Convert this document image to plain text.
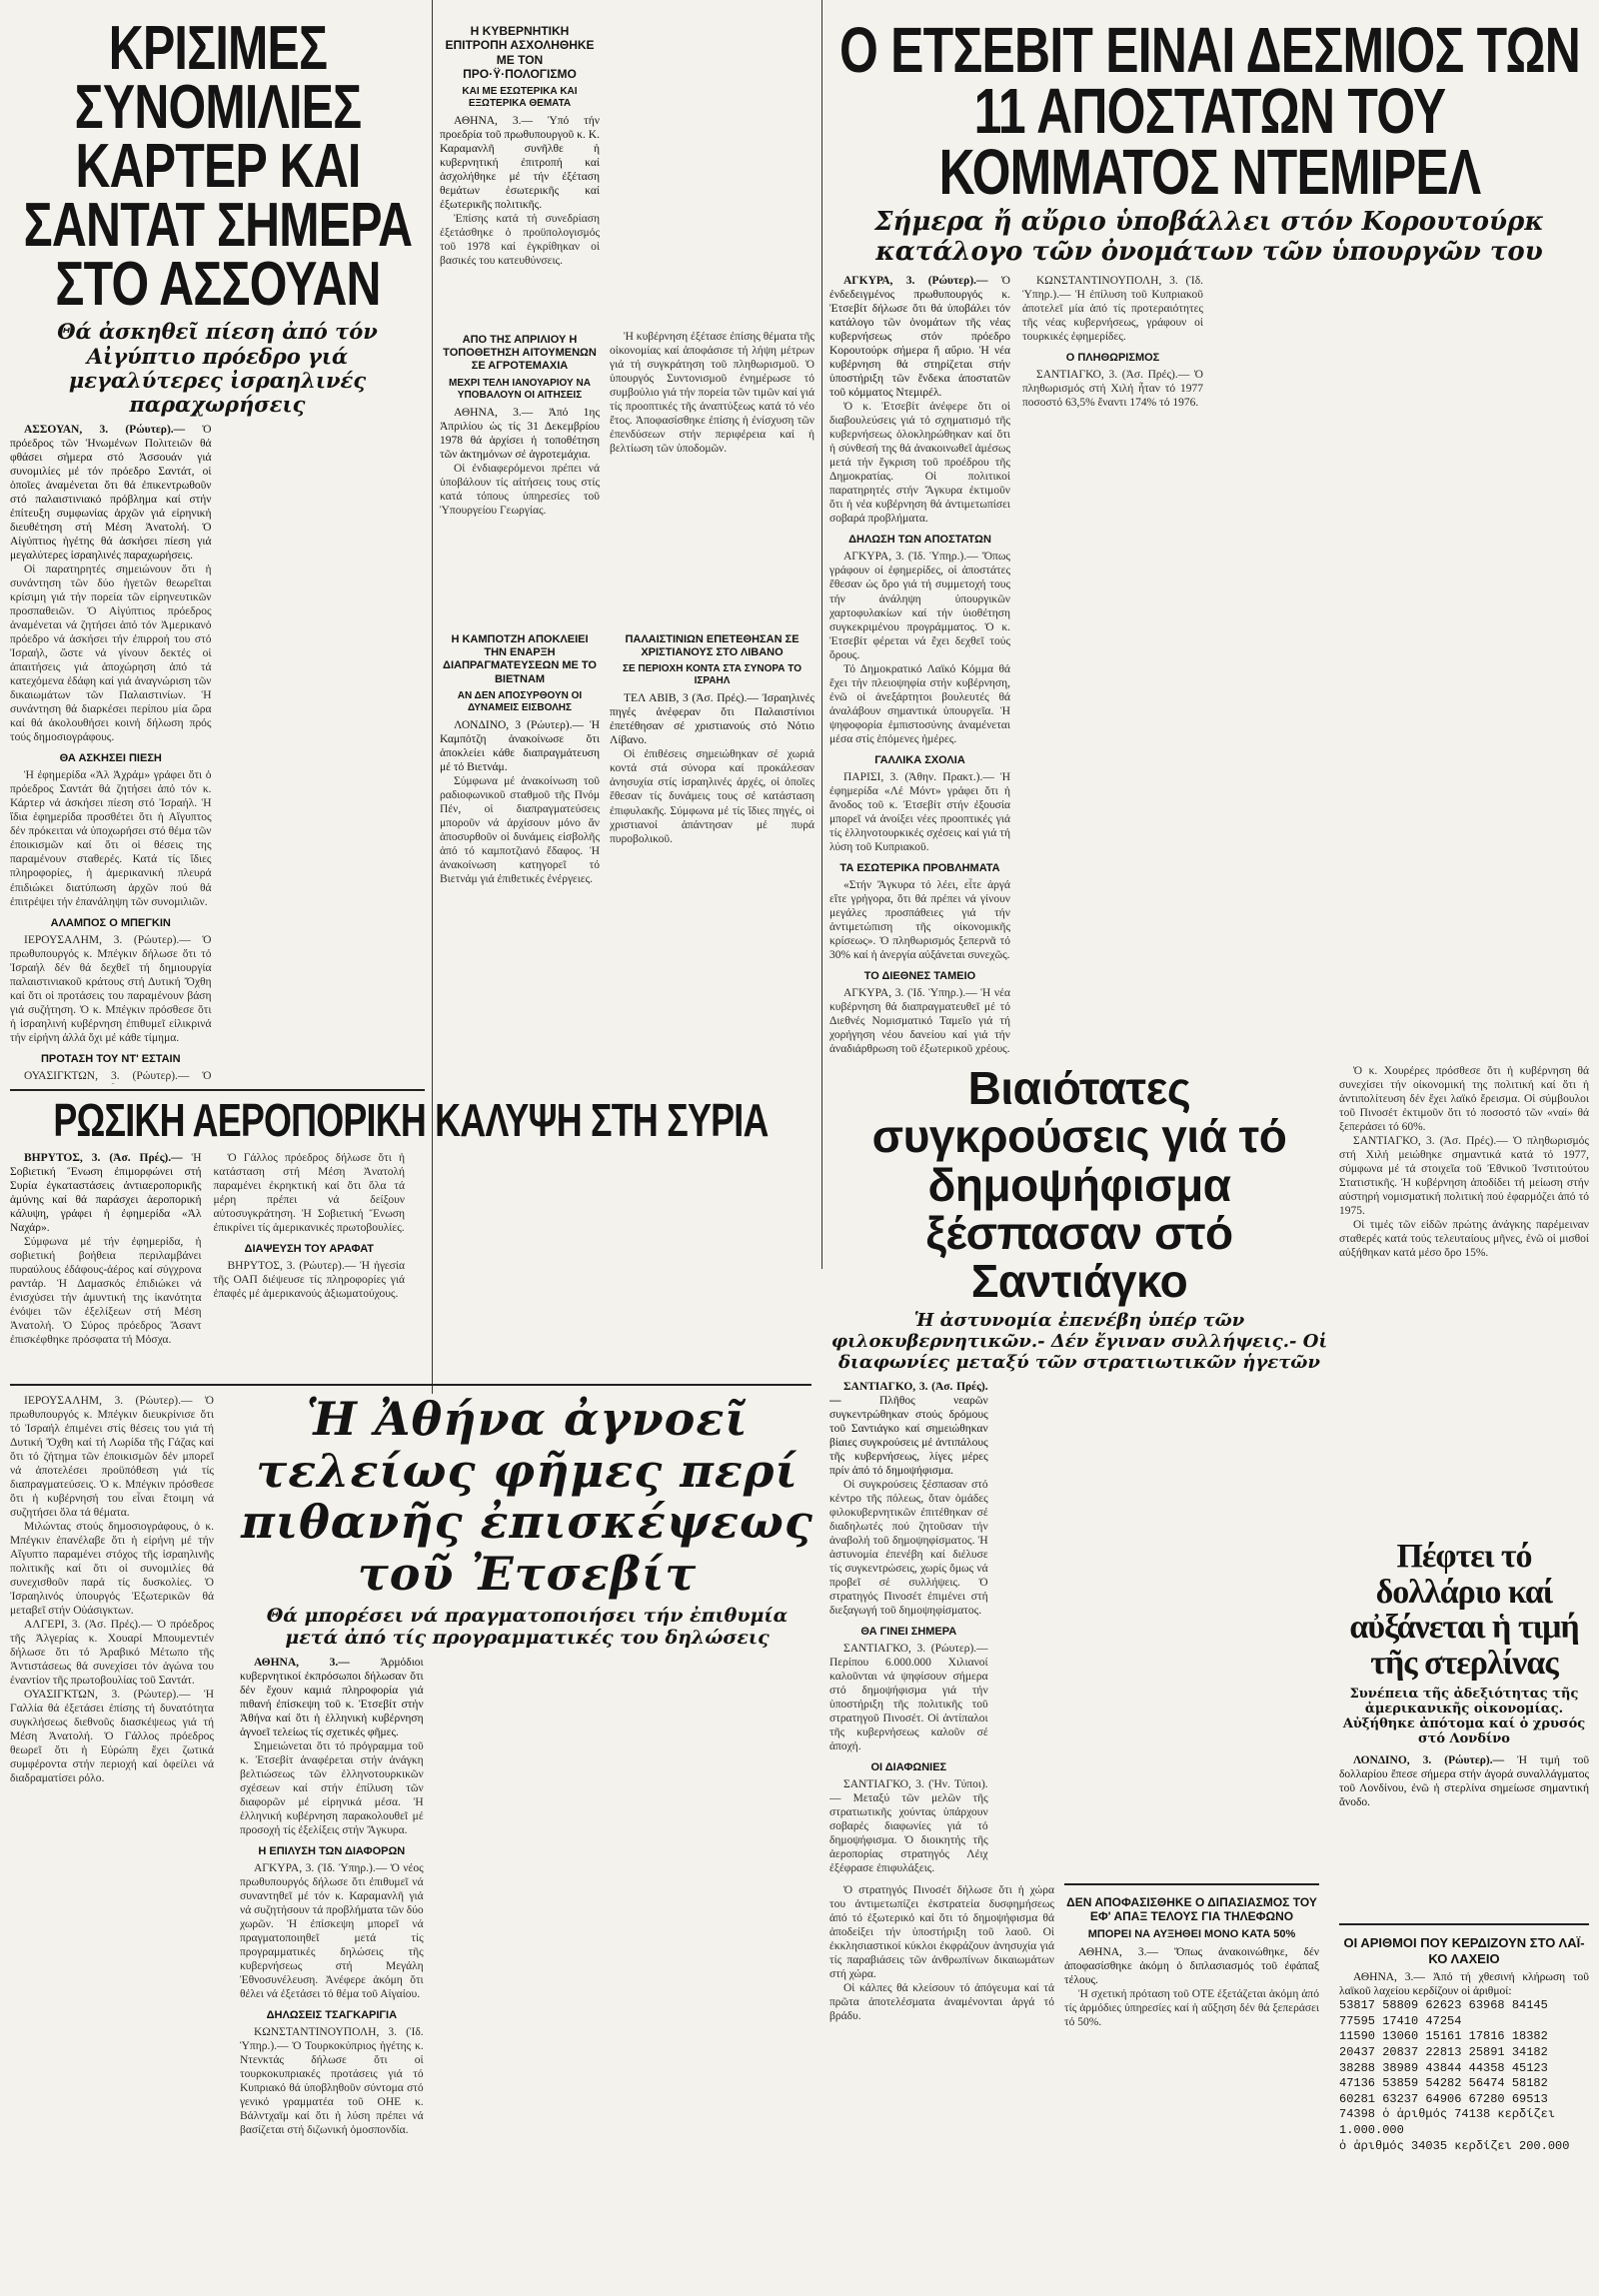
ΚΡΙΣΙΜΕΣ ΣΥΝΟΜΙΛΙΕΣ ΚΑΡΤΕΡ ΚΑΙ ΣΑΝΤΑΤ ΣΗΜΕΡΑ ΣΤΟ ΑΣΣΟΥΑΝ

Θά ἀσκηθεῖ πίεση ἀπό τόν Αἰγύπτιο πρόεδρο γιά μεγαλύτερες ἰσραηλινές παραχωρήσεις

ΑΣΣΟΥΑΝ, 3. (Ρώυτερ).— Ὁ πρόεδρος τῶν Ἡνωμένων Πολιτειῶν θά φθάσει σήμερα στό Ἀσσουάν γιά συνομιλίες μέ τόν πρόεδρο Σαντάτ, οἱ ὁποῖες ἀναμένεται ὅτι θά ἐπικεντρωθοῦν στό παλαιστινιακό πρόβλημα καί στήν ἐπίτευξη συμφωνίας ἀρχῶν γιά εἰρηνική διευθέτηση στή Μέση Ἀνατολή. Ὁ Αἰγύπτιος ἡγέτης θά ἀσκήσει πίεση γιά μεγαλύτερες ἰσραηλινές παραχωρήσεις.

Οἱ παρατηρητές σημειώνουν ὅτι ἡ συνάντηση τῶν δύο ἡγετῶν θεωρεῖται κρίσιμη γιά τήν πορεία τῶν εἰρηνευτικῶν προσπαθειῶν. Ὁ Αἰγύπτιος πρόεδρος ἀναμένεται νά ζητήσει ἀπό τόν Ἀμερικανό πρόεδρο νά ἀσκήσει τήν ἐπιρροή του στό Ἰσραήλ, ὥστε νά γίνουν δεκτές οἱ ἀπαιτήσεις γιά ἀποχώρηση ἀπό τά κατεχόμενα ἐδάφη καί γιά ἀναγνώριση τῶν δικαιωμάτων τῶν Παλαιστινίων. Ἡ συνάντηση θά διαρκέσει περίπου μία ὥρα καί θά ἀκολουθήσει κοινή δήλωση πρός τούς δημοσιογράφους.

ΘΑ ΑΣΚΗΣΕΙ ΠΙΕΣΗ

Ἡ ἐφημερίδα «Ἀλ Ἀχράμ» γράφει ὅτι ὁ πρόεδρος Σαντάτ θά ζητήσει ἀπό τόν κ. Κάρτερ νά ἀσκήσει πίεση στό Ἰσραήλ. Ἡ ἴδια ἐφημερίδα προσθέτει ὅτι ἡ Αἴγυπτος δέν πρόκειται νά ὑποχωρήσει στό θέμα τῶν ἐποικισμῶν καί ὅτι οἱ θέσεις της παραμένουν σταθερές. Κατά τίς ἴδιες πληροφορίες, ἡ ἀμερικανική πλευρά ἐπιδιώκει διατύπωση ἀρχῶν πού θά ἐπιτρέψει τήν ἐπανάληψη τῶν συνομιλιῶν.

ΑΛΑΜΠΟΣ Ο ΜΠΕΓΚΙΝ

ΙΕΡΟΥΣΑΛΗΜ, 3. (Ρώυτερ).— Ὁ πρωθυπουργός κ. Μπέγκιν δήλωσε ὅτι τό Ἰσραήλ δέν θά δεχθεῖ τή δημιουργία παλαιστινιακοῦ κράτους στή Δυτική Ὄχθη καί ὅτι οἱ προτάσεις του παραμένουν βάση γιά συζήτηση. Ὁ κ. Μπέγκιν πρόσθεσε ὅτι ἡ ἰσραηλινή κυβέρνηση ἐπιθυμεῖ εἰλικρινά τήν εἰρήνη ἀλλά ὄχι μέ κάθε τίμημα.

ΠΡΟΤΑΣΗ ΤΟΥ ΝΤ' ΕΣΤΑΙΝ

ΟΥΑΣΙΓΚΤΩΝ, 3. (Ρώυτερ).— Ὁ

Η ΚΥΒΕΡΝΗΤΙΚΗ ΕΠΙΤΡΟΠΗ ΑΣΧΟΛΗΘΗΚΕ ΜΕ ΤΟΝ ΠΡΟ·Ϋ·ΠΟΛΟΓΙΣΜΟ

ΚΑΙ ΜΕ ΕΣΩΤΕΡΙΚΑ ΚΑΙ ΕΞΩΤΕΡΙΚΑ ΘΕΜΑΤΑ

ΑΘΗΝΑ, 3.— Ὑπό τήν προεδρία τοῦ πρωθυπουργοῦ κ. Κ. Καραμανλῆ συνῆλθε ἡ κυβερνητική ἐπιτροπή καί ἀσχολήθηκε μέ τήν ἐξέταση θεμάτων ἐσωτερικῆς καί ἐξωτερικῆς πολιτικῆς.

Ἐπίσης κατά τή συνεδρίαση ἐξετάσθηκε ὁ προϋπολογισμός τοῦ 1978 καί ἐγκρίθηκαν οἱ βασικές του κατευθύνσεις.

ΑΠΟ ΤΗΣ ΑΠΡΙΛΙΟΥ Η ΤΟΠΟΘΕΤΗΣΗ ΑΙΤΟΥΜΕΝΩΝ ΣΕ ΑΓΡΟΤΕΜΑΧΙΑ

ΜΕΧΡΙ ΤΕΛΗ ΙΑΝΟΥΑΡΙΟΥ ΝΑ ΥΠΟΒΑΛΟΥΝ ΟΙ ΑΙΤΗΣΕΙΣ

ΑΘΗΝΑ, 3.— Ἀπό 1ης Ἀπριλίου ὡς τίς 31 Δεκεμβρίου 1978 θά ἀρχίσει ἡ τοποθέτηση τῶν ἀκτημόνων σέ ἀγροτεμάχια.

Οἱ ἐνδιαφερόμενοι πρέπει νά ὑποβάλουν τίς αἰτήσεις τους στίς κατά τόπους ὑπηρεσίες τοῦ Ὑπουργείου Γεωργίας.

Η ΚΑΜΠΟΤΖΗ ΑΠΟΚΛΕΙΕΙ ΤΗΝ ΕΝΑΡΞΗ ΔΙΑΠΡΑΓΜΑΤΕΥΣΕΩΝ ΜΕ ΤΟ ΒΙΕΤΝΑΜ

ΑΝ ΔΕΝ ΑΠΟΣΥΡΘΟΥΝ ΟΙ ΔΥΝΑΜΕΙΣ ΕΙΣΒΟΛΗΣ

ΛΟΝΔΙΝΟ, 3 (Ρώυτερ).— Ἡ Καμπότζη ἀνακοίνωσε ὅτι ἀποκλείει κάθε διαπραγμάτευση μέ τό Βιετνάμ.

Σύμφωνα μέ ἀνακοίνωση τοῦ ραδιοφωνικοῦ σταθμοῦ τῆς Πνόμ Πέν, οἱ διαπραγματεύσεις μποροῦν νά ἀρχίσουν μόνο ἄν ἀποσυρθοῦν οἱ δυνάμεις εἰσβολῆς ἀπό τό καμποτζιανό ἔδαφος. Ἡ ἀνακοίνωση κατηγορεῖ τό Βιετνάμ γιά ἐπιθετικές ἐνέργειες.

ΠΑΛΑΙΣΤΙΝΙΩΝ ΕΠΕΤΕΘΗΣΑΝ ΣΕ ΧΡΙΣΤΙΑΝΟΥΣ ΣΤΟ ΛΙΒΑΝΟ

ΣΕ ΠΕΡΙΟΧΗ ΚΟΝΤΑ ΣΤΑ ΣΥΝΟΡΑ ΤΟ ΙΣΡΑΗΛ

ΤΕΛ ΑΒΙΒ, 3 (Ἀσ. Πρές).— Ἰσραηλινές πηγές ἀνέφεραν ὅτι Παλαιστίνιοι ἐπετέθησαν σέ χριστιανούς στό Νότιο Λίβανο.

Οἱ ἐπιθέσεις σημειώθηκαν σέ χωριά κοντά στά σύνορα καί προκάλεσαν ἀνησυχία στίς ἰσραηλινές ἀρχές, οἱ ὁποῖες ἔθεσαν τίς δυνάμεις τους σέ κατάσταση ἐπιφυλακῆς. Σύμφωνα μέ τίς ἴδιες πηγές, οἱ χριστιανοί ἀπάντησαν μέ πυρά πυροβολικοῦ.

Ἡ κυβέρνηση ἐξέτασε ἐπίσης θέματα τῆς οἰκονομίας καί ἀποφάσισε τή λήψη μέτρων γιά τή συγκράτηση τοῦ πληθωρισμοῦ. Ὁ ὑπουργός Συντονισμοῦ ἐνημέρωσε τό συμβούλιο γιά τήν πορεία τῶν τιμῶν καί γιά τίς προοπτικές τῆς ἀναπτύξεως κατά τό νέο ἔτος. Ἀποφασίσθηκε ἐπίσης ἡ ἐνίσχυση τῶν ἐπενδύσεων στήν περιφέρεια καί ἡ βελτίωση τῶν ὑποδομῶν.

Ο ΕΤΣΕΒΙΤ ΕΙΝΑΙ ΔΕΣΜΙΟΣ ΤΩΝ 11 ΑΠΟΣΤΑΤΩΝ ΤΟΥ ΚΟΜΜΑΤΟΣ ΝΤΕΜΙΡΕΛ

Σήμερα ἤ αὔριο ὑποβάλλει στόν Κορουτούρκ κατάλογο τῶν ὀνομάτων τῶν ὑπουργῶν του

ΑΓΚΥΡΑ, 3. (Ρώυτερ).— Ὁ ἐνδεδειγμένος πρωθυπουργός κ. Ἐτσεβίτ δήλωσε ὅτι θά ὑποβάλει τόν κατάλογο τῶν ὀνομάτων τῆς νέας κυβερνήσεως στόν πρόεδρο Κορουτούρκ σήμερα ἤ αὔριο. Ἡ νέα κυβέρνηση θά στηρίζεται στήν ὑποστήριξη τῶν ἕνδεκα ἀποστατῶν τοῦ κόμματος Ντεμιρέλ.

Ὁ κ. Ἐτσεβίτ ἀνέφερε ὅτι οἱ διαβουλεύσεις γιά τό σχηματισμό τῆς κυβερνήσεως ὁλοκληρώθηκαν καί ὅτι ἡ σύνθεσή της θά ἀνακοινωθεῖ ἀμέσως μετά τήν ἔγκριση τοῦ προέδρου τῆς Δημοκρατίας. Οἱ πολιτικοί παρατηρητές στήν Ἄγκυρα ἐκτιμοῦν ὅτι ἡ νέα κυβέρνηση θά ἀντιμετωπίσει σοβαρά προβλήματα.

ΔΗΛΩΣΗ ΤΩΝ ΑΠΟΣΤΑΤΩΝ

ΑΓΚΥΡΑ, 3. (Ἰδ. Ὑπηρ.).— Ὅπως γράφουν οἱ ἐφημερίδες, οἱ ἀποστάτες ἔθεσαν ὡς ὅρο γιά τή συμμετοχή τους τήν ἀνάληψη ὑπουργικῶν χαρτοφυλακίων καί τήν ὑιοθέτηση συγκεκριμένου προγράμματος. Ὁ κ. Ἐτσεβίτ φέρεται νά ἔχει δεχθεῖ τούς ὅρους.

Τό Δημοκρατικό Λαϊκό Κόμμα θά ἔχει τήν πλειοψηφία στήν κυβέρνηση, ἐνῶ οἱ ἀνεξάρτητοι βουλευτές θά ἀναλάβουν σημαντικά ὑπουργεῖα. Ἡ ψηφοφορία ἐμπιστοσύνης ἀναμένεται μέσα στίς ἑπόμενες ἡμέρες.

ΓΑΛΛΙΚΑ ΣΧΟΛΙΑ

ΠΑΡΙΣΙ, 3. (Ἀθην. Πρακτ.).— Ἡ ἐφημερίδα «Λέ Μόντ» γράφει ὅτι ἡ ἄνοδος τοῦ κ. Ἐτσεβίτ στήν ἐξουσία μπορεῖ νά ἀνοίξει νέες προοπτικές γιά τίς ἑλληνοτουρκικές σχέσεις καί γιά τή λύση τοῦ Κυπριακοῦ.

ΤΑ ΕΣΩΤΕΡΙΚΑ ΠΡΟΒΛΗΜΑΤΑ

«Στήν Ἄγκυρα τό λέει, εἶτε ἀργά εἴτε γρήγορα, ὅτι θά πρέπει νά γίνουν μεγάλες προσπάθειες γιά τήν ἀντιμετώπιση τῆς οἰκονομικῆς κρίσεως». Ὁ πληθωρισμός ξεπερνᾶ τό 30% καί ἡ ἀνεργία αὐξάνεται συνεχῶς.

ΤΟ ΔΙΕΘΝΕΣ ΤΑΜΕΙΟ

ΑΓΚΥΡΑ, 3. (Ἰδ. Ὑπηρ.).— Ἡ νέα κυβέρνηση θά διαπραγματευθεῖ μέ τό Διεθνές Νομισματικό Ταμεῖο γιά τή χορήγηση νέου δανείου καί γιά τήν ἀναδιάρθρωση τοῦ ἐξωτερικοῦ χρέους.

ΚΩΝΣΤΑΝΤΙΝΟΥΠΟΛΗ, 3. (Ἰδ. Ὑπηρ.).— Ἡ ἐπίλυση τοῦ Κυπριακοῦ ἀποτελεῖ μία ἀπό τίς προτεραιότητες τῆς νέας κυβερνήσεως, γράφουν οἱ τουρκικές ἐφημερίδες.

Ο ΠΛΗΘΩΡΙΣΜΟΣ

ΣΑΝΤΙΑΓΚΟ, 3. (Ἀσ. Πρές).— Ὁ πληθωρισμός στή Χιλή ἦταν τό 1977 ποσοστό 63,5% ἔναντι 174% τό 1976.

ΡΩΣΙΚΗ ΑΕΡΟΠΟΡΙΚΗ ΚΑΛΥΨΗ ΣΤΗ ΣΥΡΙΑ

ΒΗΡΥΤΟΣ, 3. (Ἀσ. Πρές).— Ἡ Σοβιετική Ἕνωση ἐπιμορφώνει στή Συρία ἐγκαταστάσεις ἀντιαεροπορικῆς ἀμύνης καί θά παράσχει ἀεροπορική κάλυψη, γράφει ἡ ἐφημερίδα «Ἀλ Ναχάρ».

Σύμφωνα μέ τήν ἐφημερίδα, ἡ σοβιετική βοήθεια περιλαμβάνει πυραύλους ἐδάφους-ἀέρος καί σύγχρονα ραντάρ. Ἡ Δαμασκός ἐπιδιώκει νά ἐνισχύσει τήν ἀμυντική της ἱκανότητα ἐνόψει τῶν ἐξελίξεων στή Μέση Ἀνατολή. Ὁ Σύρος πρόεδρος Ἄσαντ ἐπισκέφθηκε πρόσφατα τή Μόσχα.

Ὁ Γάλλος πρόεδρος δήλωσε ὅτι ἡ κατάσταση στή Μέση Ἀνατολή παραμένει ἐκρηκτική καί ὅτι ὅλα τά μέρη πρέπει νά δείξουν αὐτοσυγκράτηση. Ἡ Σοβιετική Ἕνωση ἐπικρίνει τίς ἀμερικανικές πρωτοβουλίες.

ΔΙΑΨΕΥΣΗ ΤΟΥ ΑΡΑΦΑΤ

ΒΗΡΥΤΟΣ, 3. (Ρώυτερ).— Ἡ ἡγεσία τῆς ΟΑΠ διέψευσε τίς πληροφορίες γιά ἐπαφές μέ ἀμερικανούς ἀξιωματούχους.

ΙΕΡΟΥΣΑΛΗΜ, 3. (Ρώυτερ).— Ὁ πρωθυπουργός κ. Μπέγκιν διευκρίνισε ὅτι τό Ἰσραήλ ἐπιμένει στίς θέσεις του γιά τή Δυτική Ὄχθη καί τή Λωρίδα τῆς Γάζας καί ὅτι τό ζήτημα τῶν ἐποικισμῶν δέν μπορεῖ νά ἀποτελέσει προϋπόθεση γιά τίς διαπραγματεύσεις. Ὁ κ. Μπέγκιν πρόσθεσε ὅτι ἡ κυβέρνησή του εἶναι ἕτοιμη νά συζητήσει ὅλα τά θέματα.

Μιλώντας στούς δημοσιογράφους, ὁ κ. Μπέγκιν ἐπανέλαβε ὅτι ἡ εἰρήνη μέ τήν Αἴγυπτο παραμένει στόχος τῆς ἰσραηλινῆς πολιτικῆς καί ὅτι οἱ συνομιλίες θά συνεχισθοῦν παρά τίς δυσκολίες. Ὁ Ἰσραηλινός ὑπουργός Ἐξωτερικῶν θά μεταβεῖ στήν Οὐάσιγκτων.

ΑΛΓΕΡΙ, 3. (Ἀσ. Πρές).— Ὁ πρόεδρος τῆς Ἀλγερίας κ. Χουαρί Μπουμεντιέν δήλωσε ὅτι τό Ἀραβικό Μέτωπο τῆς Ἀντιστάσεως θά συνεχίσει τόν ἀγώνα του ἐναντίον τῆς πρωτοβουλίας τοῦ Σαντάτ.

ΟΥΑΣΙΓΚΤΩΝ, 3. (Ρώυτερ).— Ἡ Γαλλία θά ἐξετάσει ἐπίσης τή δυνατότητα συγκλήσεως διεθνοῦς διασκέψεως γιά τή Μέση Ἀνατολή. Ὁ Γάλλος πρόεδρος θεωρεῖ ὅτι ἡ Εὐρώπη ἔχει ζωτικά συμφέροντα στήν περιοχή καί ὀφείλει νά διαδραματίσει ρόλο.

Ἡ Ἀθήνα ἀγνοεῖ τελείως φῆμες περί πιθανῆς ἐπισκέψεως τοῦ Ἐτσεβίτ

Θά μπορέσει νά πραγματοποιήσει τήν ἐπιθυμία μετά ἀπό τίς προγραμματικές του δηλώσεις

ΑΘΗΝΑ, 3.—	Ἁρμόδιοι κυβερνητικοί ἐκπρόσωποι δήλωσαν ὅτι δέν ἔχουν καμιά πληροφορία γιά πιθανή ἐπίσκεψη τοῦ κ. Ἐτσεβίτ στήν Ἀθήνα καί ὅτι ἡ ἑλληνική κυβέρνηση ἀγνοεῖ τελείως τίς σχετικές φῆμες.

Σημειώνεται ὅτι τό πρόγραμμα τοῦ κ. Ἐτσεβίτ ἀναφέρεται στήν ἀνάγκη βελτιώσεως τῶν ἑλληνοτουρκικῶν σχέσεων καί στήν ἐπίλυση τῶν διαφορῶν μέ εἰρηνικά μέσα. Ἡ ἑλληνική κυβέρνηση παρακολουθεῖ μέ προσοχή τίς ἐξελίξεις στήν Ἄγκυρα.

Η ΕΠΙΛΥΣΗ ΤΩΝ ΔΙΑΦΟΡΩΝ

ΑΓΚΥΡΑ, 3. (Ἰδ. Ὑπηρ.).— Ὁ νέος πρωθυπουργός δήλωσε ὅτι ἐπιθυμεῖ νά συναντηθεῖ μέ τόν κ. Καραμανλῆ γιά νά συζητήσουν τά προβλήματα τῶν δύο χωρῶν. Ἡ ἐπίσκεψη μπορεῖ νά πραγματοποιηθεῖ μετά τίς προγραμματικές δηλώσεις τῆς κυβερνήσεως στή Μεγάλη Ἐθνοσυνέλευση. Ἀνέφερε ἀκόμη ὅτι θέλει νά ἐξετάσει τό θέμα τοῦ Αἰγαίου.

ΔΗΛΩΣΕΙΣ ΤΣΑΓΚΑΡΙΓΙΑ

ΚΩΝΣΤΑΝΤΙΝΟΥΠΟΛΗ, 3. (Ἰδ. Ὑπηρ.).— Ὁ Τουρκοκύπριος ἡγέτης κ. Ντενκτάς δήλωσε ὅτι οἱ τουρκοκυπριακές προτάσεις γιά τό Κυπριακό θά ὑποβληθοῦν σύντομα στό γενικό γραμματέα τοῦ ΟΗΕ κ. Βάλντχαϊμ καί ὅτι ἡ λύση πρέπει νά βασίζεται στή διζωνική ὁμοσπονδία.

Βιαιότατες συγκρούσεις γιά τό δημοψήφισμα ξέσπασαν στό Σαντιάγκο

Ἡ ἀστυνομία ἐπενέβη ὑπέρ τῶν φιλοκυβερνητικῶν.- Δέν ἔγιναν συλλήψεις.- Οἱ διαφωνίες μεταξύ τῶν στρατιωτικῶν ἡγετῶν

ΣΑΝΤΙΑΓΚΟ, 3. (Ἀσ. Πρές).—	Πλῆθος νεαρῶν συγκεντρώθηκαν στούς δρόμους τοῦ Σαντιάγκο καί σημειώθηκαν βίαιες συγκρούσεις μέ ἀντιπάλους τῆς κυβερνήσεως, λίγες μέρες πρίν ἀπό τό δημοψήφισμα.

Οἱ συγκρούσεις ξέσπασαν στό κέντρο τῆς πόλεως, ὅταν ὁμάδες φιλοκυβερνητικῶν ἐπιτέθηκαν σέ διαδηλωτές πού ζητοῦσαν τήν ἀναβολή τοῦ δημοψηφίσματος. Ἡ ἀστυνομία ἐπενέβη καί διέλυσε τίς συγκεντρώσεις, χωρίς ὅμως νά προβεῖ σέ συλλήψεις. Ὁ στρατηγός Πινοσέτ ἐπιμένει στή διεξαγωγή τοῦ δημοψηφίσματος.

ΘΑ ΓΙΝΕΙ ΣΗΜΕΡΑ

ΣΑΝΤΙΑΓΚΟ, 3. (Ρώυτερ).— Περίπου 6.000.000 Χιλιανοί καλοῦνται νά ψηφίσουν σήμερα στό δημοψήφισμα γιά τήν ὑποστήριξη τῆς πολιτικῆς τοῦ στρατηγοῦ Πινοσέτ. Οἱ ἀντίπαλοι τῆς κυβερνήσεως καλοῦν σέ ἀποχή.

ΟΙ ΔΙΑΦΩΝΙΕΣ

ΣΑΝΤΙΑΓΚΟ, 3. (Ἡν. Τύποι).— Μεταξύ τῶν μελῶν τῆς στρατιωτικῆς χούντας ὑπάρχουν σοβαρές διαφωνίες γιά τό δημοψήφισμα. Ὁ διοικητής τῆς ἀεροπορίας στρατηγός Λέιχ ἐξέφρασε ἐπιφυλάξεις.

ΔΕΝ ΑΠΟΦΑΣΙΣΘΗΚΕ Ο ΔΙΠΑΣΙΑΣΜΟΣ ΤΟΥ ΕΦ' ΑΠΑΞ ΤΕΛΟΥΣ ΓΙΑ ΤΗΛΕΦΩΝΟ

ΜΠΟΡΕΙ ΝΑ ΑΥΞΗΘΕΙ ΜΟΝΟ ΚΑΤΑ 50%

ΑΘΗΝΑ, 3.— Ὅπως ἀνακοινώθηκε, δέν ἀποφασίσθηκε ἀκόμη ὁ διπλασιασμός τοῦ ἐφάπαξ τέλους.

Ἡ σχετική πρόταση τοῦ ΟΤΕ ἐξετάζεται ἀκόμη ἀπό τίς ἁρμόδιες ὑπηρεσίες καί ἡ αὔξηση δέν θά ξεπεράσει τό 50%.

Ὁ στρατηγός Πινοσέτ δήλωσε ὅτι ἡ χώρα του ἀντιμετωπίζει ἐκστρατεία δυσφημήσεως ἀπό τό ἐξωτερικό καί ὅτι τό δημοψήφισμα θά ἀποδείξει τήν ὑποστήριξη τοῦ λαοῦ. Οἱ ἐκκλησιαστικοί κύκλοι ἐκφράζουν ἀνησυχία γιά τίς παραβιάσεις τῶν ἀνθρωπίνων δικαιωμάτων στή χώρα.

Οἱ κάλπες θά κλείσουν τό ἀπόγευμα καί τά πρῶτα ἀποτελέσματα ἀναμένονται ἀργά τό βράδυ.

Πέφτει τό δολλάριο καί αὐξάνεται ἡ τιμή τῆς στερλίνας

Συνέπεια τῆς ἀδεξιότητας τῆς ἀμερικανικῆς οἰκονομίας. Αὐξήθηκε ἀπότομα καί ὁ χρυσός στό Λονδίνο

ΛΟΝΔΙΝΟ, 3. (Ρώυτερ).— Ἡ τιμή τοῦ δολλαρίου ἔπεσε σήμερα στήν ἀγορά συναλλάγματος τοῦ Λονδίνου, ἐνῶ ἡ στερλίνα σημείωσε σημαντική ἄνοδο.

ΟΙ ΑΡΙΘΜΟΙ ΠΟΥ ΚΕΡΔΙΖΟΥΝ ΣΤΟ ΛΑΪ-ΚΟ ΛΑΧΕΙΟ

ΑΘΗΝΑ, 3.— Ἀπό τή χθεσινή κλήρωση τοῦ λαϊκοῦ λαχείου κερδίζουν οἱ ἀριθμοί:

53817 58809 62623 63968 84145
77595 17410 47254
11590 13060 15161 17816 18382
20437 20837 22813 25891 34182
38288 38989 43844 44358 45123
47136 53859 54282 56474 58182
60281 63237 64906 67280 69513
74398 ὁ ἀριθμός 74138 κερδίζει 1.000.000
ὁ ἀριθμός 34035 κερδίζει 200.000

Ὁ κ. Χουρέρες πρόσθεσε ὅτι ἡ κυβέρνηση θά συνεχίσει τήν οἰκονομική της πολιτική καί ὅτι ἡ ἀντιπολίτευση δέν ἔχει λαϊκό ἔρεισμα. Οἱ σύμβουλοι τοῦ Πινοσέτ ἐκτιμοῦν ὅτι τό ποσοστό τῶν «ναί» θά ξεπεράσει τό 60%.

ΣΑΝΤΙΑΓΚΟ, 3. (Ἀσ. Πρές).— Ὁ πληθωρισμός στή Χιλή μειώθηκε σημαντικά κατά τό 1977, σύμφωνα μέ τά στοιχεῖα τοῦ Ἐθνικοῦ Ἰνστιτούτου Στατιστικῆς. Ἡ κυβέρνηση ἀποδίδει τή μείωση στήν αὐστηρή νομισματική πολιτική πού ἐφαρμόζει ἀπό τό 1975.

Οἱ τιμές τῶν εἰδῶν πρώτης ἀνάγκης παρέμειναν σταθερές κατά τούς τελευταίους μῆνες, ἐνῶ οἱ μισθοί αὐξήθηκαν κατά μέσο ὅρο 15%.
